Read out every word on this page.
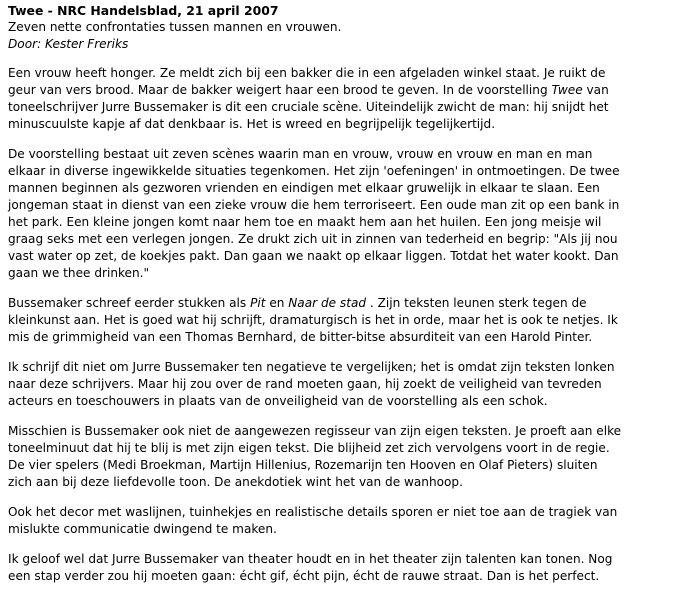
Twee - NRC Handelsblad, 21 april 2007

Zeven nette confrontaties tussen mannen en vrouwen.

Door: Kester Freriks

Een vrouw heeft honger. Ze meldt zich bij een bakker die in een afgeladen winkel staat. Je ruikt de
geur van vers brood. Maar de bakker weigert haar een brood te geven. In de voorstelling Twee van
toneelschrijver Jurre Bussemaker is dit een cruciale scène. Uiteindelijk zwicht de man: hij snijdt het
minuscuulste kapje af dat denkbaar is. Het is wreed en begrijpelijk tegelijkertijd.

De voorstelling bestaat uit zeven scènes waarin man en vrouw, vrouw en vrouw en man en man
elkaar in diverse ingewikkelde situaties tegenkomen. Het zijn 'oefeningen' in ontmoetingen. De twee
mannen beginnen als gezworen vrienden en eindigen met elkaar gruwelijk in elkaar te slaan. Een
jongeman staat in dienst van een zieke vrouw die hem terroriseert. Een oude man zit op een bank in
het park. Een kleine jongen komt naar hem toe en maakt hem aan het huilen. Een jong meisje wil
graag seks met een verlegen jongen. Ze drukt zich uit in zinnen van tederheid en begrip: "Als jij nou
vast water op zet, de koekjes pakt. Dan gaan we naakt op elkaar liggen. Totdat het water kookt. Dan
gaan we thee drinken."

Bussemaker schreef eerder stukken als Pit en Naar de stad . Zijn teksten leunen sterk tegen de
kleinkunst aan. Het is goed wat hij schrijft, dramaturgisch is het in orde, maar het is ook te netjes. Ik
mis de grimmigheid van een Thomas Bernhard, de bitter-bitse absurditeit van een Harold Pinter.

Ik schrijf dit niet om Jurre Bussemaker ten negatieve te vergelijken; het is omdat zijn teksten lonken
naar deze schrijvers. Maar hij zou over de rand moeten gaan, hij zoekt de veiligheid van tevreden
acteurs en toeschouwers in plaats van de onveiligheid van de voorstelling als een schok.

Misschien is Bussemaker ook niet de aangewezen regisseur van zijn eigen teksten. Je proeft aan elke
toneelminuut dat hij te blij is met zijn eigen tekst. Die blijheid zet zich vervolgens voort in de regie.
De vier spelers (Medi Broekman, Martijn Hillenius, Rozemarijn ten Hooven en Olaf Pieters) sluiten
zich aan bij deze liefdevolle toon. De anekdotiek wint het van de wanhoop.

Ook het decor met waslijnen, tuinhekjes en realistische details sporen er niet toe aan de tragiek van
mislukte communicatie dwingend te maken.

Ik geloof wel dat Jurre Bussemaker van theater houdt en in het theater zijn talenten kan tonen. Nog
een stap verder zou hij moeten gaan: écht gif, écht pijn, écht de rauwe straat. Dan is het perfect.
